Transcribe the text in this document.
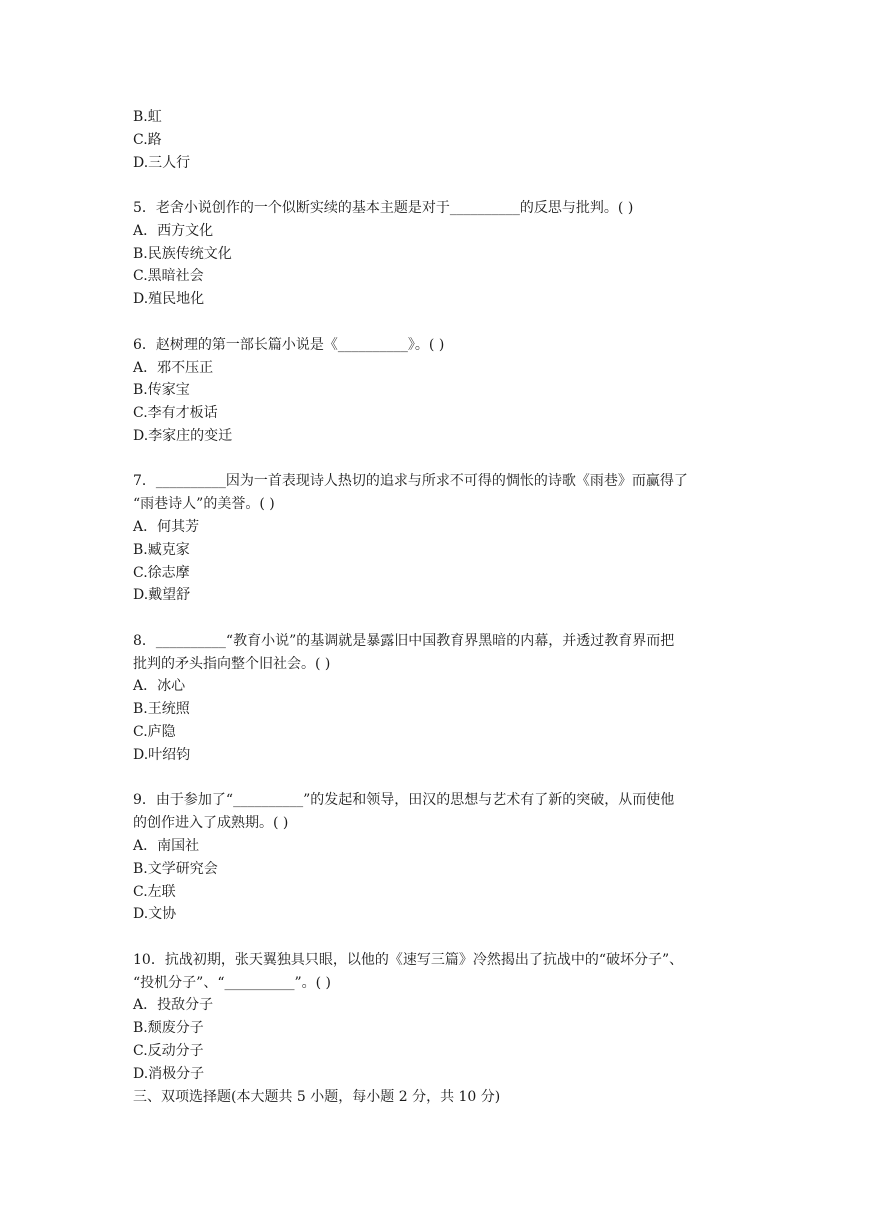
B.虹

C.路

D.三人行

5．老舍小说创作的一个似断实续的基本主题是对于__________的反思与批判。( )

A．西方文化

B.民族传统文化

C.黑暗社会

D.殖民地化

6．赵树理的第一部长篇小说是《__________》。( )

A．邪不压正

B.传家宝

C.李有才板话

D.李家庄的变迁

7．__________因为一首表现诗人热切的追求与所求不可得的惆怅的诗歌《雨巷》而赢得了

“雨巷诗人”的美誉。( )

A．何其芳

B.臧克家

C.徐志摩

D.戴望舒

8．__________“教育小说”的基调就是暴露旧中国教育界黑暗的内幕，并透过教育界而把

批判的矛头指向整个旧社会。( )

A．冰心

B.王统照

C.庐隐

D.叶绍钧

9．由于参加了“__________”的发起和领导，田汉的思想与艺术有了新的突破，从而使他

的创作进入了成熟期。( )

A．南国社

B.文学研究会

C.左联

D.文协

10．抗战初期，张天翼独具只眼，以他的《速写三篇》冷然揭出了抗战中的“破坏分子”、

“投机分子”、“__________”。( )

A．投敌分子

B.颓废分子

C.反动分子

D.消极分子

三、双项选择题(本大题共 5 小题，每小题 2 分，共 10 分)
